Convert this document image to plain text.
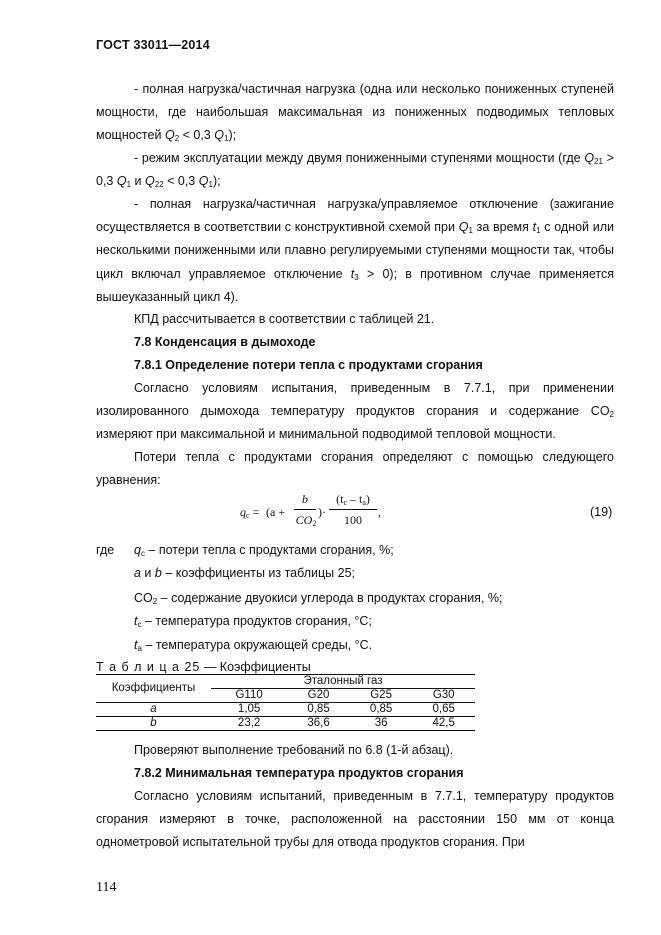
ГОСТ 33011—2014
- полная нагрузка/частичная нагрузка (одна или несколько пониженных ступеней мощности, где наибольшая максимальная из пониженных подводимых тепловых мощностей $Q_2 < 0,3$ $Q_1$);
- режим эксплуатации между двумя пониженными ступенями мощности (где $Q_{21} > 0,3$ $Q_1$ и $Q_{22} < 0,3$ $Q_1$);
- полная нагрузка/частичная нагрузка/управляемое отключение (зажигание осуществляется в соответствии с конструктивной схемой при $Q_1$ за время $t_1$ с одной или несколькими пониженными или плавно регулируемыми ступенями мощности так, чтобы цикл включал управляемое отключение $t_3 > 0$); в противном случае применяется вышеуказанный цикл 4).
КПД рассчитывается в соответствии с таблицей 21.
7.8 Конденсация в дымоходе
7.8.1 Определение потери тепла с продуктами сгорания
Согласно условиям испытания, приведенным в 7.7.1, при применении изолированного дымохода температуру продуктов сгорания и содержание $CO_2$ измеряют при максимальной и минимальной подводимой тепловой мощности.
Потери тепла с продуктами сгорания определяют с помощью следующего уравнения:
$q_c = (a$ +
b
$CO_2$
)·
$(t_c - t_a)$
100
,	(19)
где $q_c$ – потери тепла с продуктами сгорания, %;
a и b – коэффициенты из таблицы 25;
$CO_2$ – содержание двуокиси углерода в продуктах сгорания, %;
$t_c$ – температура продуктов сгорания, °С;
$t_a$ – температура окружающей среды, °С.
Т а б л и ц а 25 — Коэффициенты
Коэффициенты	Эталонный газ			
	G110	G20	G25	G30
a	1,05	0,85	0,85	0,65
b	23,2	36,6	36	42,5
Проверяют выполнение требований по 6.8 (1-й абзац).
7.8.2 Минимальная температура продуктов сгорания
Согласно условиям испытаний, приведенным в 7.7.1, температуру продуктов сгорания измеряют в точке, расположенной на расстоянии 150 мм от конца однометровой испытательной трубы для отвода продуктов сгорания. При
114
